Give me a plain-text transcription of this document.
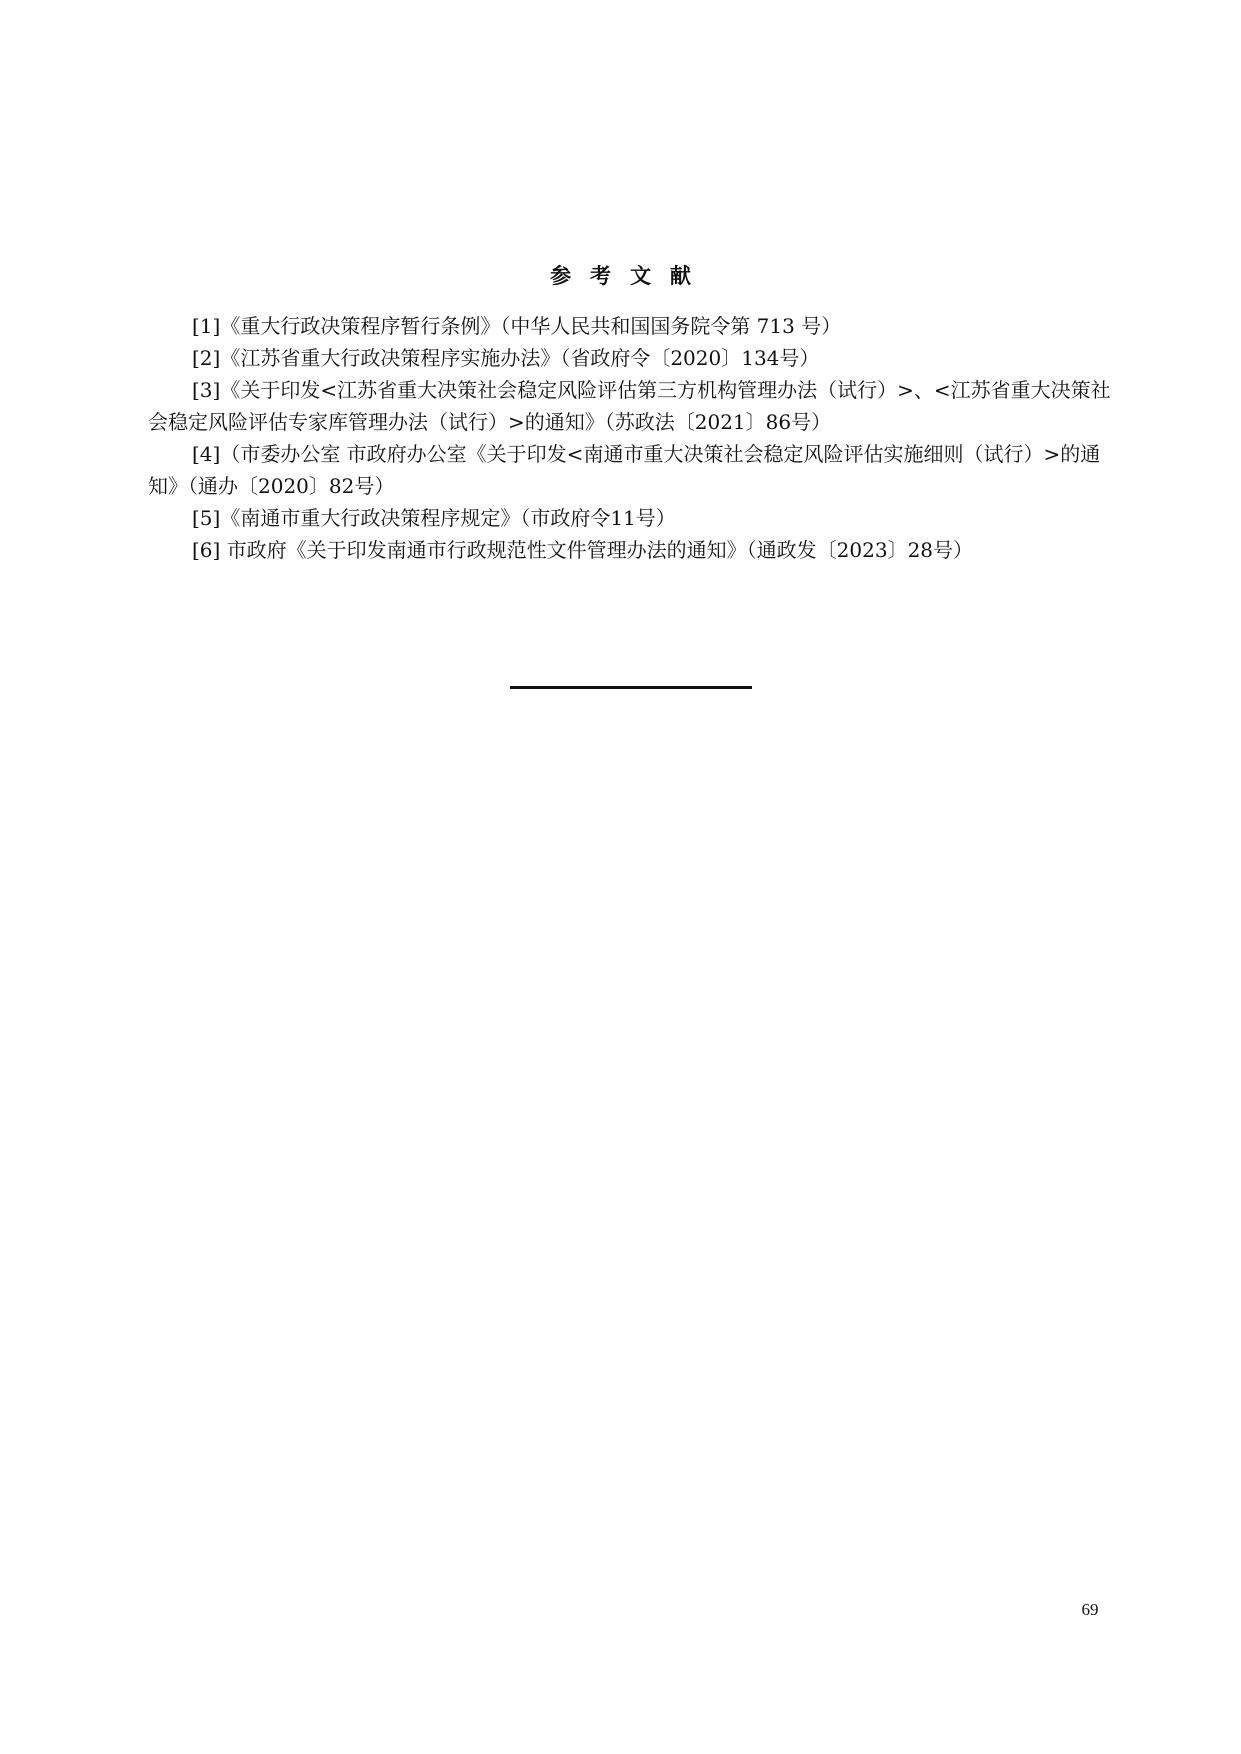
参考文献
[1]《重大行政决策程序暂行条例》（中华人民共和国国务院令第 713 号）
[2]《江苏省重大行政决策程序实施办法》（省政府令〔2020〕134号）
[3]《关于印发<江苏省重大决策社会稳定风险评估第三方机构管理办法（试行）>、<江苏省重大决策社会稳定风险评估专家库管理办法（试行）>的通知》（苏政法〔2021〕86号）
[4]（市委办公室 市政府办公室《关于印发<南通市重大决策社会稳定风险评估实施细则（试行）>的通知》（通办〔2020〕82号）
[5]《南通市重大行政决策程序规定》（市政府令11号）
[6] 市政府《关于印发南通市行政规范性文件管理办法的通知》（通政发〔2023〕28号）
69
